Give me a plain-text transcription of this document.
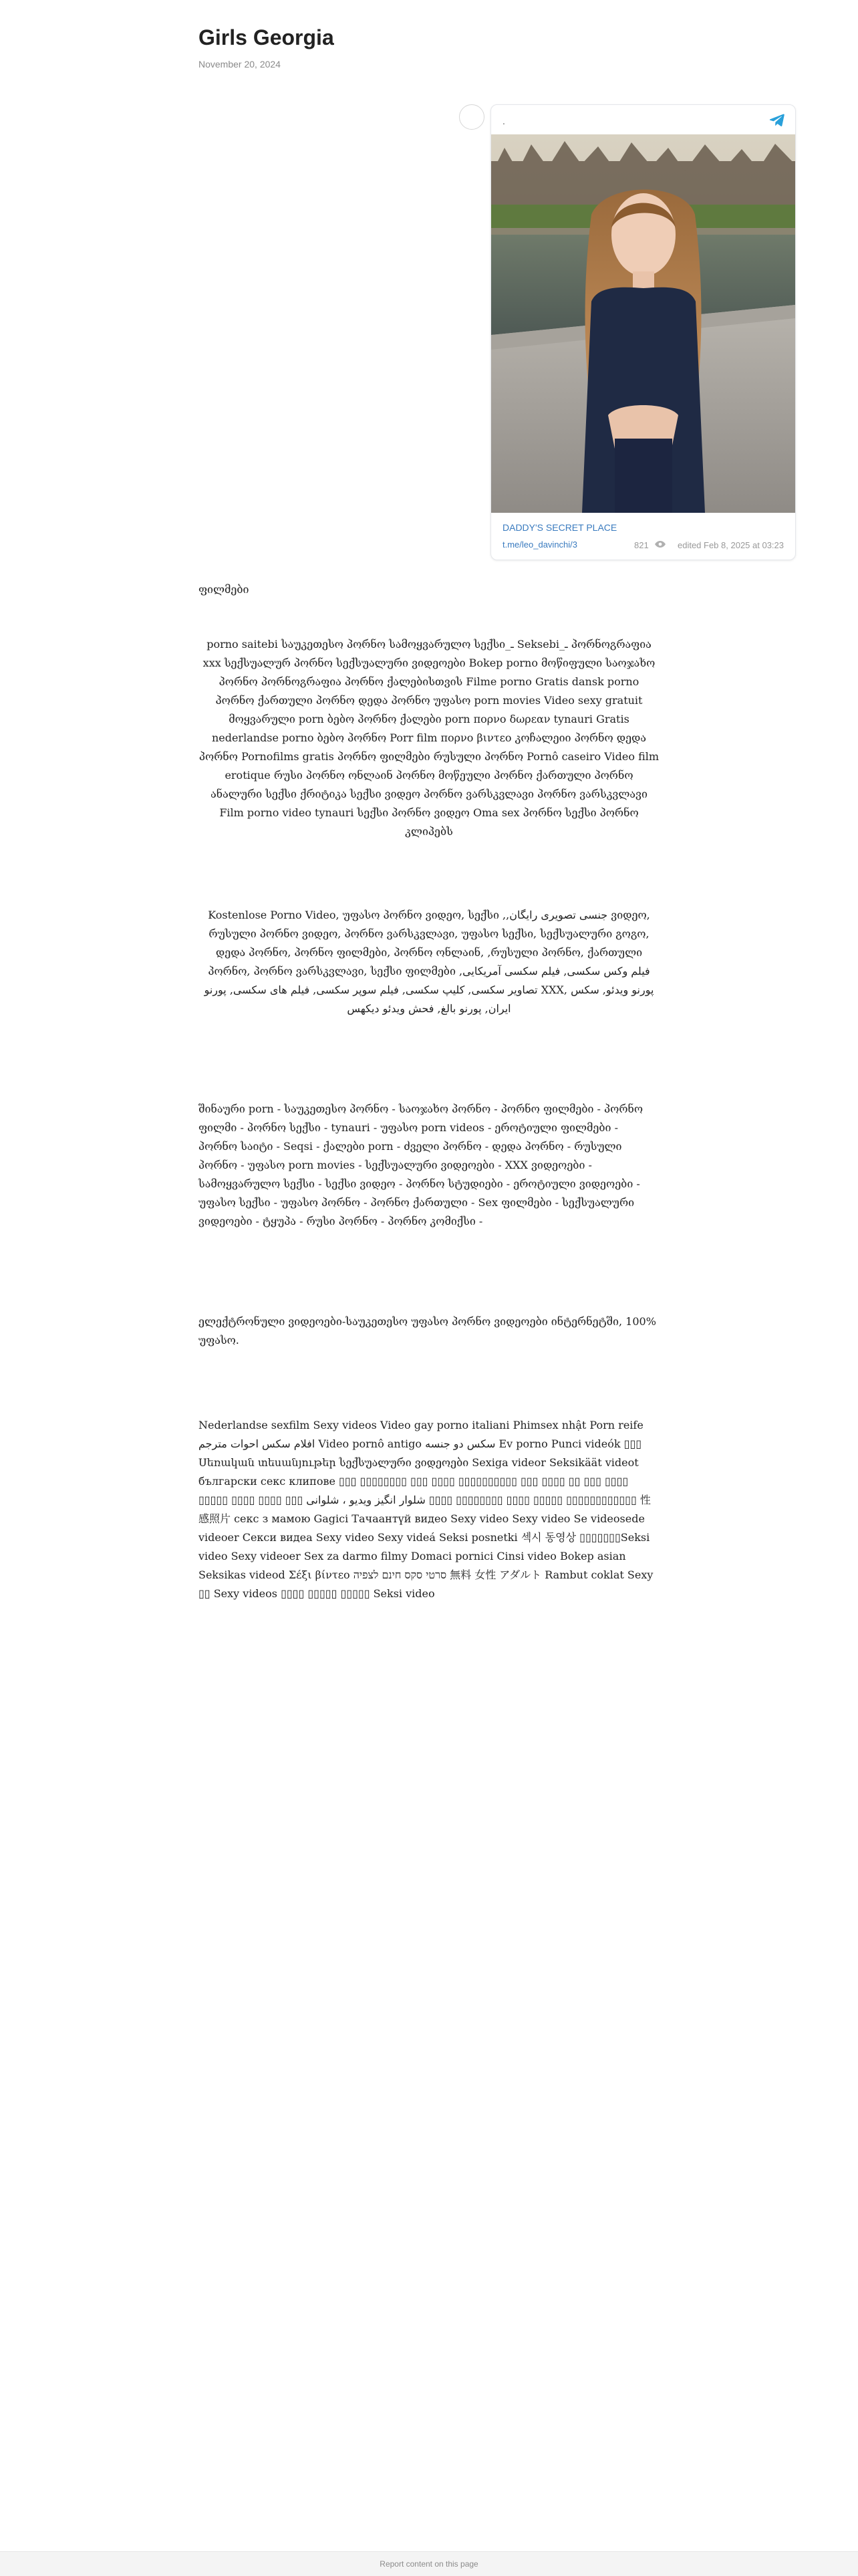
Girls Georgia
November 20, 2024
.
DADDY'S SECRET PLACE
t.me/leo_davinchi/3	821	edited Feb 8, 2025 at 03:23

ფილმები

porno saitebi საუკეთესო პორნო სამოყვარულო სექსი_ـ Seksebi_ـ პორნოგრაფია xxx სექსუალურ პორნო სექსუალური ვიდეოები Bokep porno მოწიფული საოჯახო პორნო პორნოგრაფია პორნო ქალებისთვის Filme porno Gratis dansk porno პორნო ქართული პორნო დედა პორნო უფასო porn movies Video sexy gratuit მოყვარული porn ბებო პორნო ქალები porn πορνο δωρεαν tynauri Gratis nederlandse porno ბებო პორნო Porr film πορνο βιντεο კოჩალეიი პორნო დედა პორნო Pornofilms gratis პორნო ფილმები რუსული პორნო Pornô caseiro Video film erotique რუსი პორნო ონლაინ პორნო მოწეული პორნო ქართული პორნო ანალური სექსი ქრიტიკა სექსი ვიდეო პორნო ვარსკვლავი პორნო ვარსკვლავი Film porno video tynauri სექსი პორნო ვიდეო Oma sex პორნო სექსი პორნო კლიპებს

Kostenlose Porno Video, უფასო პორნო ვიდეო, სექსი ,,جنسی تصویری رایگان ვიდეო, რუსული პორნო ვიდეო, პორნო ვარსკვლავი, უფასო სექსი, სექსუალური გოგო, დედა პორნო, პორნო ფილმები, პორნო ონლაინ, ,რუსული პორნო, ქართული პორნო, პორნო ვარსკვლავი, სექსი ფილმები فیلم وکس سکسی, فیلم سکسی آمریکایی, تصاویر سکسی, کلیپ سکسی, فیلم سوپر سکسی, فیلم های سکسی, پورنو XXX, پورنو ویدئو, سکس ایران, پورنو بالغ, فحش ویدئو دیکهس

შინაური porn - საუკეთესო პორნო - საოჯახო პორნო - პორნო ფილმები - პორნო ფილმი - პორნო სექსი - tynauri - უფასო porn videos - ეროტიული ფილმები - პორნო საიტი - Seqsi - ქალები porn - ძველი პორნო - დედა პორნო - რუსული პორნო - უფასო porn movies - სექსუალური ვიდეოები - XXX ვიდეოები - სამოყვარულო სექსი - სექსი ვიდეო - პორნო სტუდიები - ეროტიული ვიდეოები - უფასო სექსი - უფასო პორნო - პორნო ქართული - Sex ფილმები - სექსუალური ვიდეოები - ტყუპა - რუსი პორნო - პორნო კომიქსი -

ელექტრონული ვიდეოები-საუკეთესო უფასო პორნო ვიდეოები ინტერნეტში, 100% უფასო.

Nederlandse sexfilm Sexy videos Video gay porno italiani Phimsex nhật Porn reife افلام سكس احوات مترجم Video pornô antigo سکس دو جنسه Ev porno Punci videók ▯▯▯ Սեռական տեսանյութեր სექსუალური ვიდეოები Sexiga videor Seksikäät videot български секс клипове ▯▯▯ ▯▯▯▯▯▯▯▯ ▯▯▯ ▯▯▯▯ ▯▯▯▯▯▯▯▯▯▯ ▯▯▯ ▯▯▯▯ ▯▯ ▯▯▯ ▯▯▯▯ ▯▯▯▯▯ ▯▯▯▯ ▯▯▯▯ ▯▯▯ شلوار انگیز ویدیو ، شلوانی ▯▯▯▯ ▯▯▯▯▯▯▯▯ ▯▯▯▯ ▯▯▯▯▯ ▯▯▯▯▯▯▯▯▯▯▯▯ 性感照片 секс з мамою Gagici Тачаантүй видео Sexy video Sexy video Se videosede videoer Секси видеа Sexy video Sexy videá Seksi posnetki 섹시 동영상 ▯▯▯▯▯▯▯Seksi video Sexy videoer Sex za darmo filmy Domaci pornici Cinsi video Bokep asian Seksikas videod Σέξι βίντεο סרטי סקס חינם לצפיה 無料 女性 アダルト Rambut coklat Sexy ▯▯ Sexy videos ▯▯▯▯ ▯▯▯▯▯ ▯▯▯▯▯ Seksi video

Report content on this page
